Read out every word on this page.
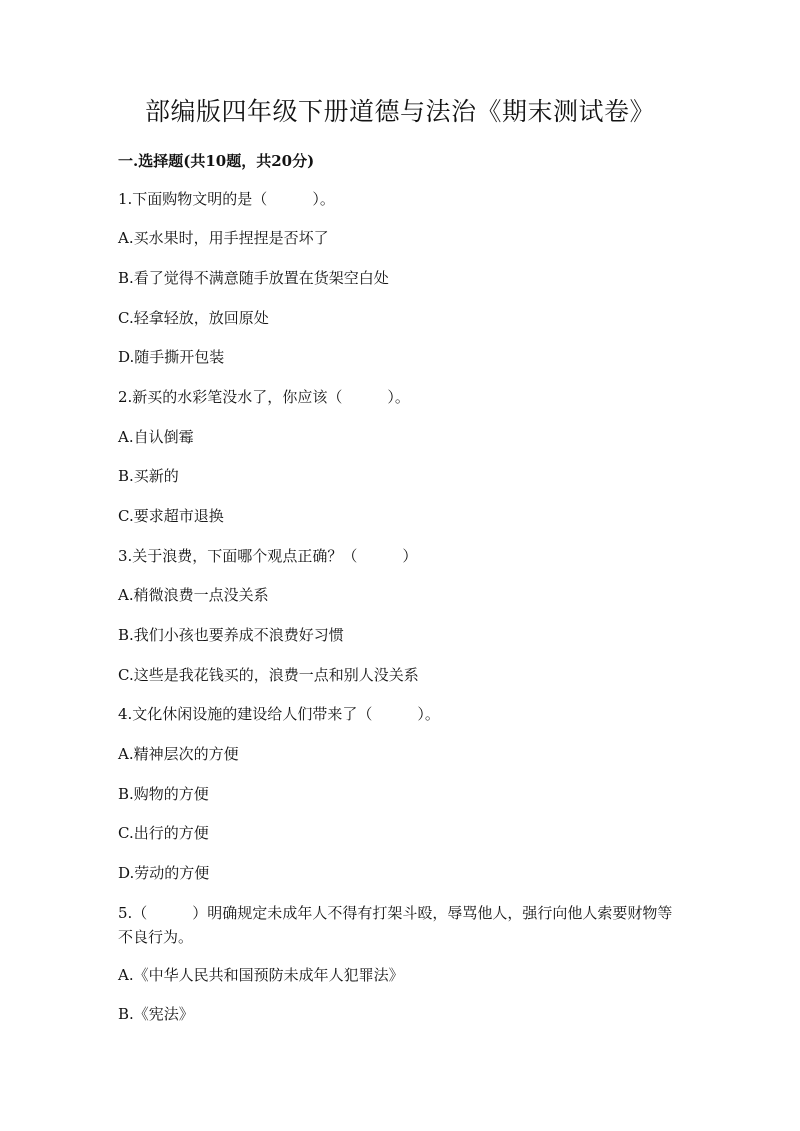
部编版四年级下册道德与法治《期末测试卷》
一.选择题(共10题，共20分)
1.下面购物文明的是（　　　）。
A.买水果时，用手捏捏是否坏了
B.看了觉得不满意随手放置在货架空白处
C.轻拿轻放，放回原处
D.随手撕开包装
2.新买的水彩笔没水了，你应该（　　　）。
A.自认倒霉
B.买新的
C.要求超市退换
3.关于浪费，下面哪个观点正确？（　　　）
A.稍微浪费一点没关系
B.我们小孩也要养成不浪费好习惯
C.这些是我花钱买的，浪费一点和别人没关系
4.文化休闲设施的建设给人们带来了（　　　）。
A.精神层次的方便
B.购物的方便
C.出行的方便
D.劳动的方便
5.（　　　）明确规定未成年人不得有打架斗殴，辱骂他人，强行向他人索要财物等不良行为。
A.《中华人民共和国预防未成年人犯罪法》
B.《宪法》
